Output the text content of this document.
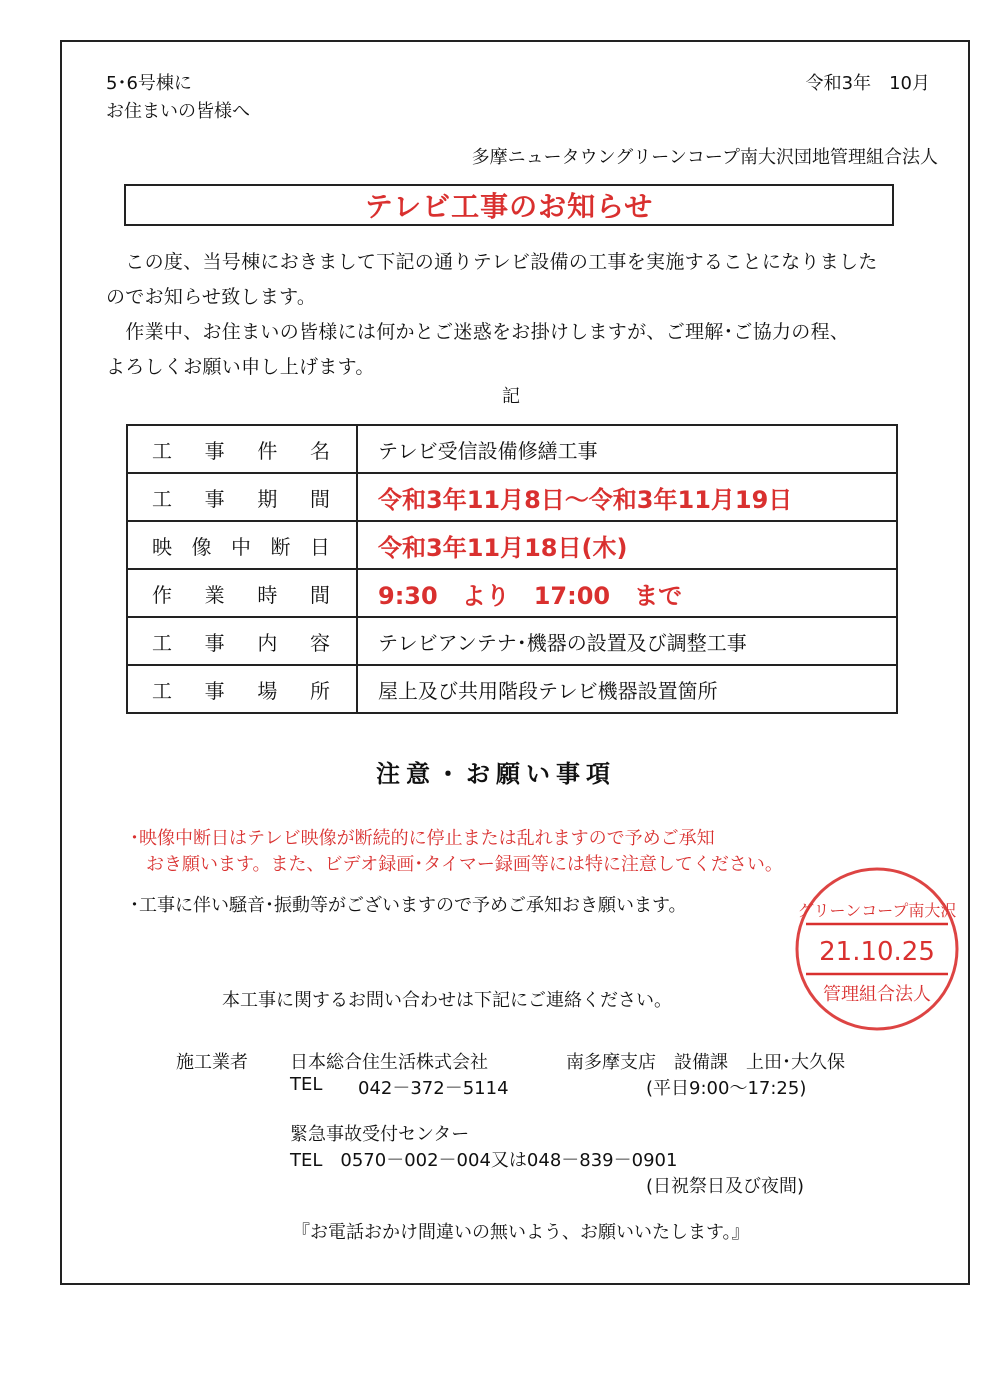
5･6号棟に
お住まいの皆様へ
令和3年　10月
多摩ニュータウングリーンコープ南大沢団地管理組合法人
テレビ工事のお知らせ
　この度、当号棟におきまして下記の通りテレビ設備の工事を実施することになりました
のでお知らせ致します。
　作業中、お住まいの皆様には何かとご迷惑をお掛けしますが、ご理解･ご協力の程、
よろしくお願い申し上げます。
記
工 事 件 名	テレビ受信設備修繕工事

工 事 期 間	令和3年11月8日～令和3年11月19日

映 像 中 断 日	令和3年11月18日(木)

作 業 時 間	9:30　より　17:00　まで

工 事 内 容	テレビアンテナ･機器の設置及び調整工事

工 事 場 所	屋上及び共用階段テレビ機器設置箇所
注意・お願い事項
･映像中断日はテレビ映像が断続的に停止または乱れますので予めご承知
おき願います。また、ビデオ録画･タイマー録画等には特に注意してください。
･工事に伴い騒音･振動等がございますので予めご承知おき願います。
本工事に関するお問い合わせは下記にご連絡ください。
施工業者 日本総合住生活株式会社	南多摩支店　設備課　上田･大久保
TEL 042－372－5114	(平日9:00～17:25)
緊急事故受付センター
TEL　0570－002－004又は048－839－0901
(日祝祭日及び夜間)
『お電話おかけ間違いの無いよう、お願いいたします。』
グリーンコープ南大沢
21.10.25
管理組合法人
